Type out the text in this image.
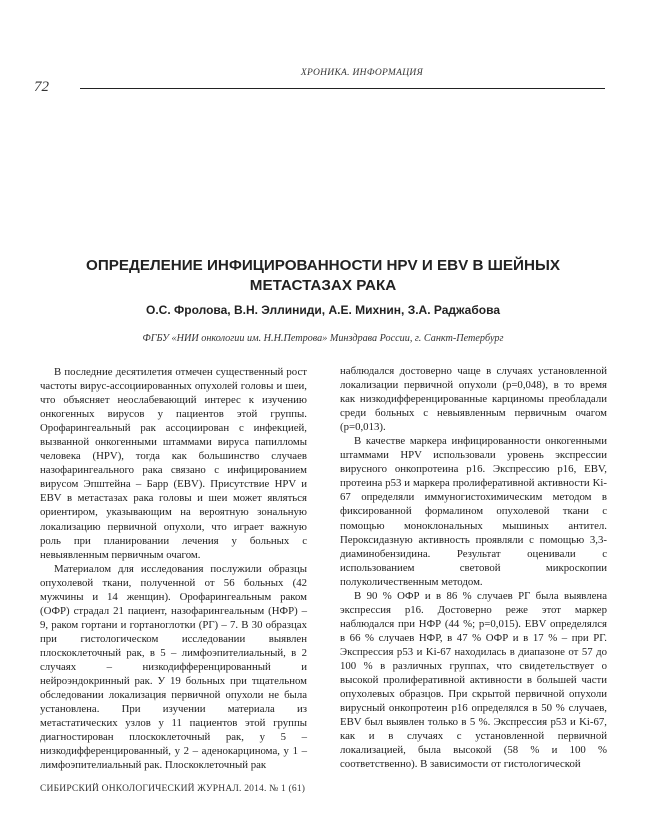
ХРОНИКА. ИНФОРМАЦИЯ
72
ОПРЕДЕЛЕНИЕ ИНФИЦИРОВАННОСТИ HPV И EBV В ШЕЙНЫХ МЕТАСТАЗАХ РАКА
О.С. Фролова, В.Н. Эллиниди, А.Е. Михнин, З.А. Раджабова
ФГБУ «НИИ онкологии им. Н.Н.Петрова» Минздрава России, г. Санкт-Петербург

В последние десятилетия отмечен существенный рост частоты вирус-ассоциированных опухолей головы и шеи, что объясняет неослабевающий интерес к изучению онкогенных вирусов у пациентов этой группы. Орофарингеальный рак ассоциирован с инфекцией, вызванной онкогенными штаммами вируса папилломы человека (HPV), тогда как большинство случаев назофарингеального рака связано с инфицированием вирусом Эпштейна – Барр (EBV). Присутствие HPV и EBV в метастазах рака головы и шеи может являться ориентиром, указывающим на вероятную зональную локализацию первичной опухоли, что играет важную роль при планировании лечения у больных с невыявленным первичным очагом.

Материалом для исследования послужили образцы опухолевой ткани, полученной от 56 больных (42 мужчины и 14 женщин). Орофарингеальным раком (ОФР) страдал 21 пациент, назофарингеальным (НФР) – 9, раком гортани и гортаноглотки (РГ) – 7. В 30 образцах при гистологическом исследовании выявлен плоскоклеточный рак, в 5 – лимфоэпителиальный, в 2 случаях – низкодифференцированный и нейроэндокринный рак. У 19 больных при тщательном обследовании локализация первичной опухоли не была установлена. При изучении материала из метастатических узлов у 11 пациентов этой группы диагностирован плоскоклеточный рак, у 5 – низкодифференцированный, у 2 – аденокарцинома, у 1 – лимфоэпителиальный рак. Плоскоклеточный рак

наблюдался достоверно чаще в случаях установленной локализации первичной опухоли (p=0,048), в то время как низкодифференцированные карциномы преобладали среди больных с невыявленным первичным очагом (p=0,013).

В качестве маркера инфицированности онкогенными штаммами HPV использовали уровень экспрессии вирусного онкопротеина p16. Экспрессию p16, EBV, протеина p53 и маркера пролиферативной активности Ki-67 определяли иммуногистохимическим методом в фиксированной формалином опухолевой ткани с помощью моноклональных мышиных антител. Пероксидазную активность проявляли с помощью 3,3-диаминобензидина. Результат оценивали с использованием световой микроскопии полуколичественным методом.

В 90 % ОФР и в 86 % случаев РГ была выявлена экспрессия p16. Достоверно реже этот маркер наблюдался при НФР (44 %; p=0,015). EBV определялся в 66 % случаев НФР, в 47 % ОФР и в 17 % – при РГ. Экспрессия p53 и Ki-67 находилась в диапазоне от 57 до 100 % в различных группах, что свидетельствует о высокой пролиферативной активности в большей части опухолевых образцов. При скрытой первичной опухоли вирусный онкопротеин p16 определялся в 50 % случаев, EBV был выявлен только в 5 %. Экспрессия p53 и Ki-67, как и в случаях с установленной первичной локализацией, была высокой (58 % и 100 % соответственно). В зависимости от гистологической

СИБИРСКИЙ ОНКОЛОГИЧЕСКИЙ ЖУРНАЛ. 2014. № 1 (61)
